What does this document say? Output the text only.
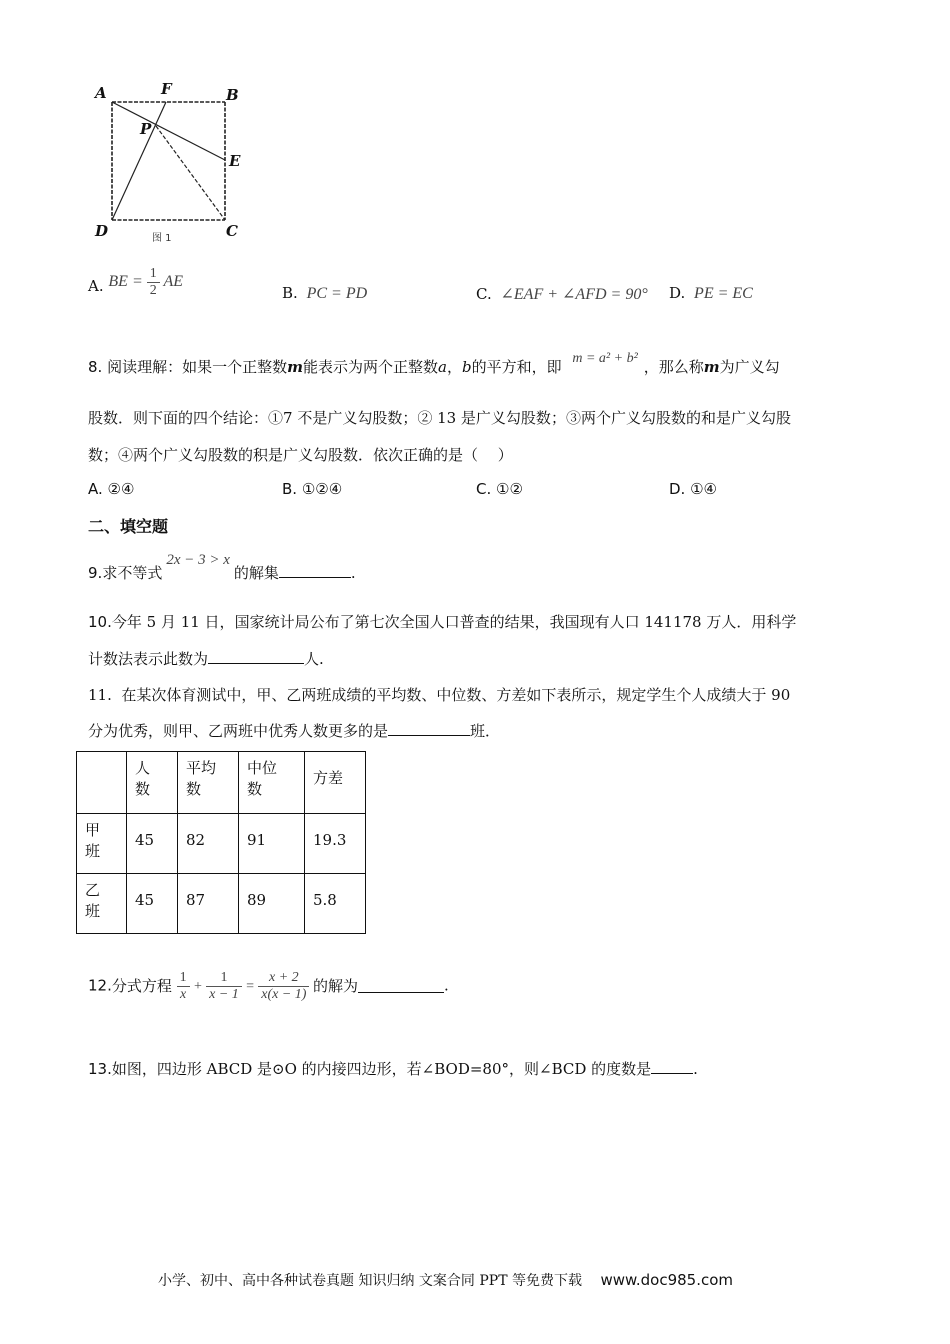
A	F	B
P
E
D	C
图 1
A. BE = $\frac{1}{2}$ AE
B. PC = PD	C. ∠EAF + ∠AFD = 90° D. PE = EC
8. 阅读理解：如果一个正整数m能表示为两个正整数a，b的平方和，即 m = a² + b² ，那么称m为广义勾
股数．则下面的四个结论：①7 不是广义勾股数；② 13 是广义勾股数；③两个广义勾股数的和是广义勾股
数；④两个广义勾股数的积是广义勾股数．依次正确的是（　 ）
A. ②④	B. ①②④	C. ①②	D. ①④
二、填空题
9.求不等式2x − 3 > x的解集	.
10.今年 5 月 11 日，国家统计局公布了第七次全国人口普查的结果，我国现有人口 141178 万人．用科学
计数法表示此数为	人.
11. 在某次体育测试中，甲、乙两班成绩的平均数、中位数、方差如下表所示，规定学生个人成绩大于 90
分为优秀，则甲、乙两班中优秀人数更多的是	班．
	人数	平均数	中位数	方差
甲班	45	82	91	19.3
乙班	45	87	89	5.8
12.分式方程 $\frac{1}{x} + \frac{1}{x - 1} = \frac{x + 2}{x(x - 1)}$ 的解为	.
13.如图，四边形 ABCD 是⊙O 的内接四边形，若∠BOD=80°，则∠BCD 的度数是	.
小学、初中、高中各种试卷真题 知识归纳 文案合同 PPT 等免费下载 www.doc985.com
